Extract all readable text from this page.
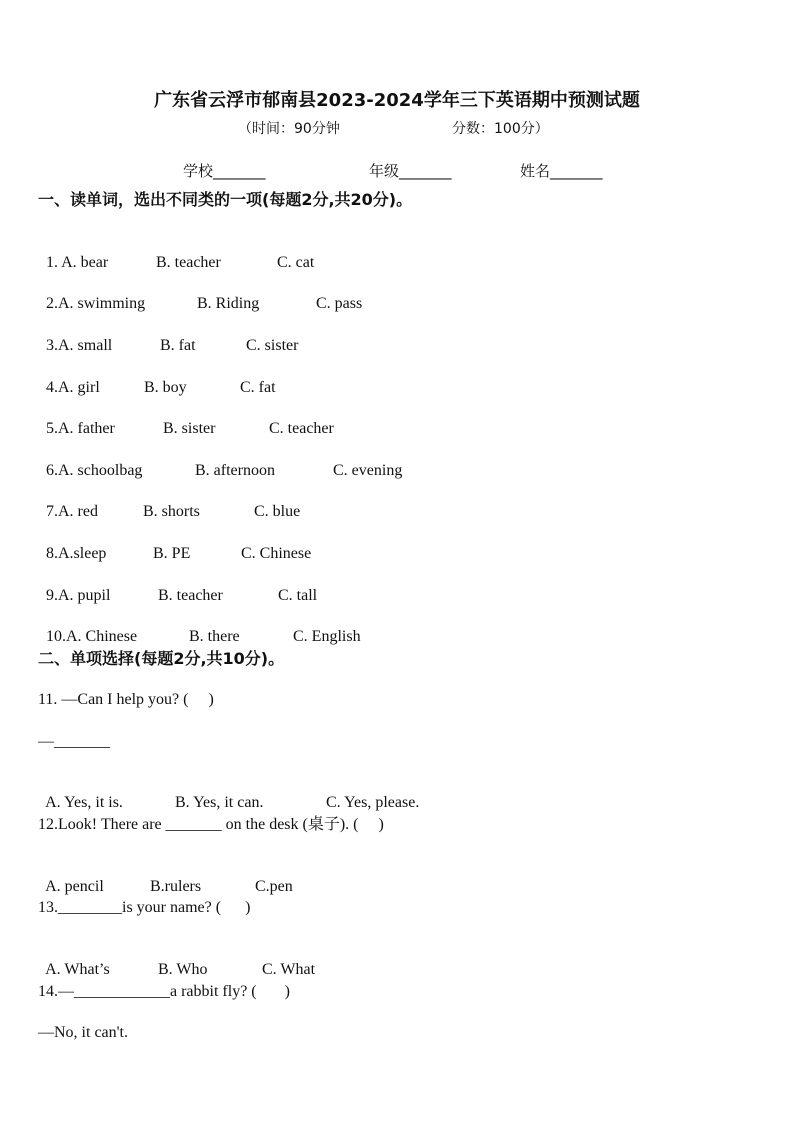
广东省云浮市郁南县2023-2024学年三下英语期中预测试题
（时间：90分钟	分数：100分）
学校_______	年级_______	姓名_______
一、读单词，选出不同类的一项(每题2分,共20分)。

1. A. bear	B. teacher	C. cat

2.A. swimming	B. Riding	C. pass

3.A. small	B. fat	C. sister

4.A. girl	B. boy	C. fat

5.A. father	B. sister	C. teacher

6.A. schoolbag	B. afternoon	C. evening

7.A. red	B. shorts	C. blue

8.A.sleep	B. PE	C. Chinese

9.A. pupil	B. teacher	C. tall

10.A. Chinese	B. there	C. English

二、单项选择(每题2分,共10分)。
11. —Can I help you? (     )
—_______

A. Yes, it is.	B. Yes, it can.	C. Yes, please.

12.Look! There are _______ on the desk (桌子). (     )

A. pencil	B.rulers	C.pen

13.________is your name? (      )

A. What’s	B. Who	C. What

14.—____________a rabbit fly? (       )
—No, it can't.
